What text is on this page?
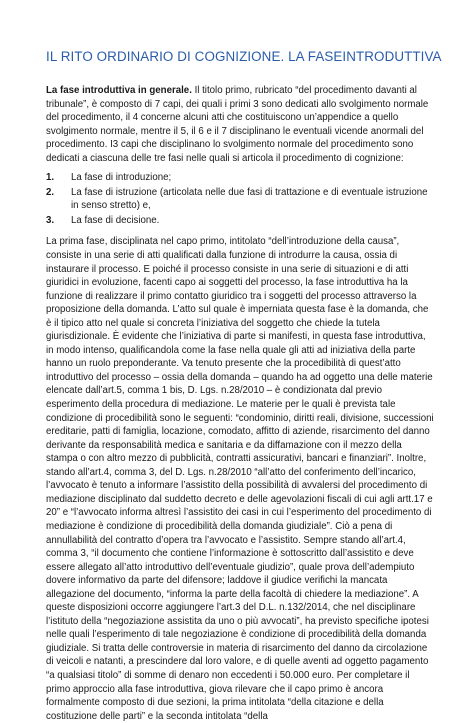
IL RITO ORDINARIO DI COGNIZIONE. LA FASEINTRODUTTIVA

La fase introduttiva in generale. Il titolo primo, rubricato “del procedimento davanti al tribunale”, è composto di 7 capi, dei quali i primi 3 sono dedicati allo svolgimento normale del procedimento, il 4 concerne alcuni atti che costituiscono un’appendice a quello svolgimento normale, mentre il 5, il 6 e il 7 disciplinano le eventuali vicende anormali del procedimento. I3 capi che disciplinano lo svolgimento normale del procedimento sono dedicati a ciascuna delle tre fasi nelle quali si articola il procedimento di cognizione:

1. La fase di introduzione;
2. La fase di istruzione (articolata nelle due fasi di trattazione e di eventuale istruzione in senso stretto) e,
3. La fase di decisione.

La prima fase, disciplinata nel capo primo, intitolato “dell’introduzione della causa”, consiste in una serie di atti qualificati dalla funzione di introdurre la causa, ossia di instaurare il processo. E poiché il processo consiste in una serie di situazioni e di atti giuridici in evoluzione, facenti capo ai soggetti del processo, la fase introduttiva ha la funzione di realizzare il primo contatto giuridico tra i soggetti del processo attraverso la proposizione della domanda. L’atto sul quale è imperniata questa fase è la domanda, che è il tipico atto nel quale si concreta l’iniziativa del soggetto che chiede la tutela giurisdizionale. È evidente che l’iniziativa di parte si manifesti, in questa fase introduttiva, in modo intenso, qualificandola come la fase nella quale gli atti ad iniziativa della parte hanno un ruolo preponderante. Va tenuto presente che la procedibilità di quest’atto introduttivo del processo – ossia della domanda – quando ha ad oggetto una delle materie elencate dall’art.5, comma 1 bis, D. Lgs. n.28/2010 – è condizionata dal previo esperimento della procedura di mediazione. Le materie per le quali è prevista tale condizione di procedibilità sono le seguenti: “condominio, diritti reali, divisione, successioni ereditarie, patti di famiglia, locazione, comodato, affitto di aziende, risarcimento del danno derivante da responsabilità medica e sanitaria e da diffamazione con il mezzo della stampa o con altro mezzo di pubblicità, contratti assicurativi, bancari e finanziari”. Inoltre, stando all’art.4, comma 3, del D. Lgs. n.28/2010 “all’atto del conferimento dell’incarico, l’avvocato è tenuto a informare l’assistito della possibilità di avvalersi del procedimento di mediazione disciplinato dal suddetto decreto e delle agevolazioni fiscali di cui agli artt.17 e 20” e “l’avvocato informa altresì l’assistito dei casi in cui l’esperimento del procedimento di mediazione è condizione di procedibilità della domanda giudiziale”. Ciò a pena di annullabilità del contratto d’opera tra l’avvocato e l’assistito. Sempre stando all’art.4, comma 3, “il documento che contiene l’informazione è sottoscritto dall’assistito e deve essere allegato all’atto introduttivo dell’eventuale giudizio”, quale prova dell’adempiuto dovere informativo da parte del difensore; laddove il giudice verifichi la mancata allegazione del documento, “informa la parte della facoltà di chiedere la mediazione”. A queste disposizioni occorre aggiungere l’art.3 del D.L. n.132/2014, che nel disciplinare l’istituto della “negoziazione assistita da uno o più avvocati”, ha previsto specifiche ipotesi nelle quali l’esperimento di tale negoziazione è condizione di procedibilità della domanda giudiziale. Si tratta delle controversie in materia di risarcimento del danno da circolazione di veicoli e natanti, a prescindere dal loro valore, e di quelle aventi ad oggetto pagamento “a qualsiasi titolo” di somme di denaro non eccedenti i 50.000 euro. Per completare il primo approccio alla fase introduttiva, giova rilevare che il capo primo è ancora formalmente composto di due sezioni, la prima intitolata “della citazione e della costituzione delle parti” e la seconda intitolata “della
